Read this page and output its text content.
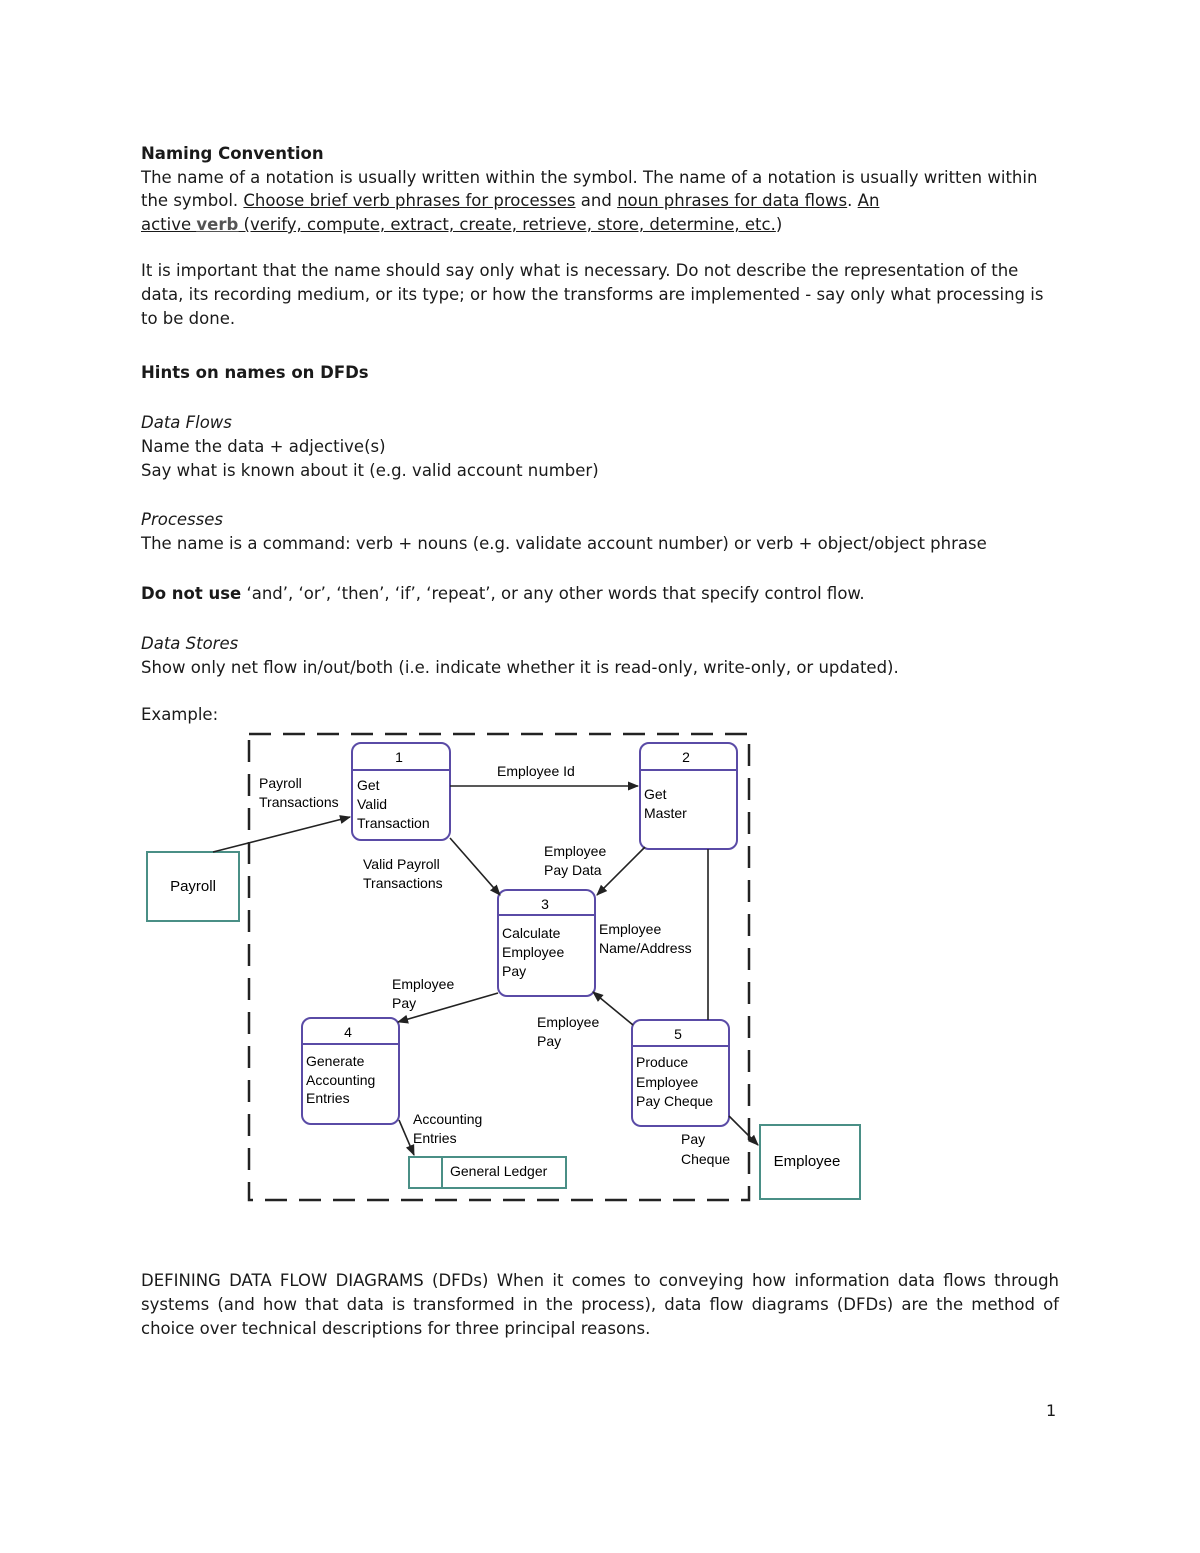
Naming Convention
The name of a notation is usually written within the symbol. The name of a notation is usually written within
the symbol. Choose brief verb phrases for processes and noun phrases for data flows. An
active verb (verify, compute, extract, create, retrieve, store, determine, etc.)
It is important that the name should say only what is necessary. Do not describe the representation of the data, its recording medium, or its type; or how the transforms are implemented - say only what processing is to be done.
Hints on names on DFDs
Data Flows
Name the data + adjective(s)
Say what is known about it (e.g. valid account number)
Processes
The name is a command: verb + nouns (e.g. validate account number) or verb + object/object phrase
Do not use ‘and’, ‘or’, ‘then’, ‘if’, ‘repeat’, or any other words that specify control flow.
Data Stores
Show only net flow in/out/both (i.e. indicate whether it is read-only, write-only, or updated).
Example:
Payroll
Employee
1
Get
Valid
Transaction
2
Get
Master
3
Calculate
Employee
Pay
4
Generate
Accounting
Entries
5
Produce
Employee
Pay Cheque
General Ledger
Payroll
Transactions
Employee Id
Valid Payroll
Transactions
Employee
Pay Data
Employee
Name/Address
Employee
Pay
Employee
Pay
Accounting
Entries	Pay
Cheque
DEFINING DATA FLOW DIAGRAMS (DFDs) When it comes to conveying how information data flows through systems (and how that data is transformed in the process), data flow diagrams (DFDs) are the method of choice over technical descriptions for three principal reasons.
1
